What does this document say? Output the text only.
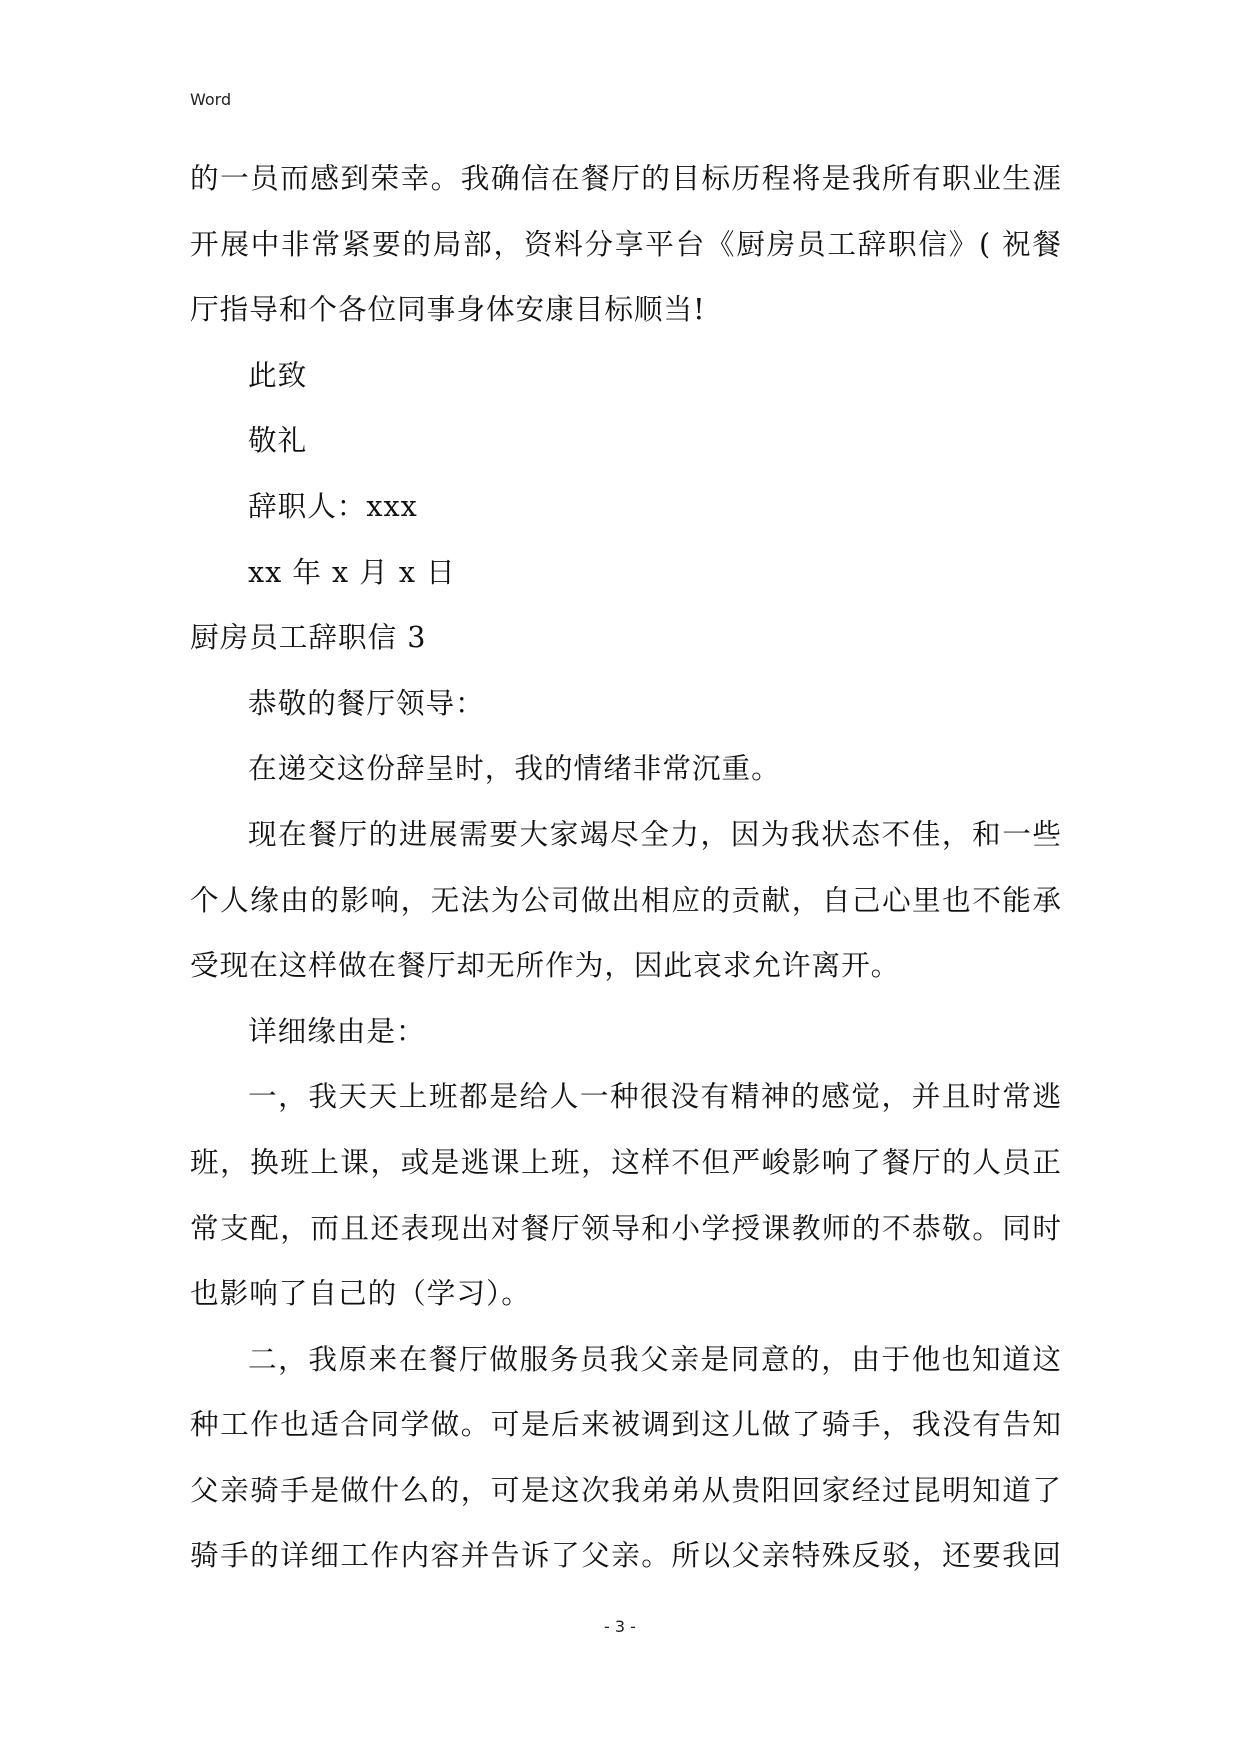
Word
的一员而感到荣幸。我确信在餐厅的目标历程将是我所有职业生涯
开展中非常紧要的局部，资料分享平台《厨房员工辞职信》( 祝餐
厅指导和个各位同事身体安康目标顺当!
此致
敬礼
辞职人：xxx
xx 年 x 月 x 日
厨房员工辞职信 3
恭敬的餐厅领导：
在递交这份辞呈时，我的情绪非常沉重。
现在餐厅的进展需要大家竭尽全力，因为我状态不佳，和一些
个人缘由的影响，无法为公司做出相应的贡献，自己心里也不能承
受现在这样做在餐厅却无所作为，因此哀求允许离开。
详细缘由是：
一，我天天上班都是给人一种很没有精神的感觉，并且时常逃
班，换班上课，或是逃课上班，这样不但严峻影响了餐厅的人员正
常支配，而且还表现出对餐厅领导和小学授课教师的不恭敬。同时
也影响了自己的（学习）。
二，我原来在餐厅做服务员我父亲是同意的，由于他也知道这
种工作也适合同学做。可是后来被调到这儿做了骑手，我没有告知
父亲骑手是做什么的，可是这次我弟弟从贵阳回家经过昆明知道了
骑手的详细工作内容并告诉了父亲。所以父亲特殊反驳，还要我回
- 3 -
